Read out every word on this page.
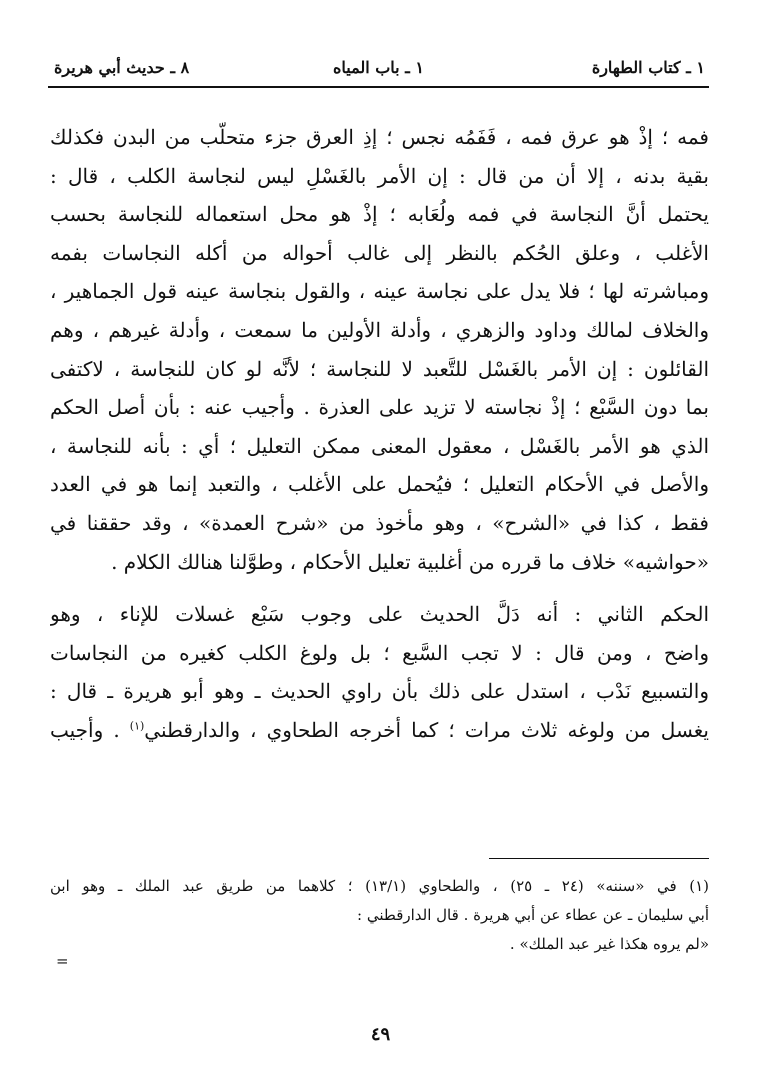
١ ـ كتاب الطهارة
١ ـ باب المياه
٨ ـ حديث أبي هريرة
فمه ؛ إذْ هو عرق فمه ، فَفَمُه نجس ؛ إذِ العرق جزء متحلّب من البدن فكذلك
بقية بدنه ، إلا أن من قال : إن الأمر بالغَسْلِ ليس لنجاسة الكلب ، قال :
يحتمل أنَّ النجاسة في فمه ولُعَابه ؛ إذْ هو محل استعماله للنجاسة بحسب
الأغلب ، وعلق الحُكم بالنظر إلى غالب أحواله من أكله النجاسات بفمه
ومباشرته لها ؛ فلا يدل على نجاسة عينه ، والقول بنجاسة عينه قول الجماهير ،
والخلاف لمالك وداود والزهري ، وأدلة الأولين ما سمعت ، وأدلة غيرهم ، وهم
القائلون : إن الأمر بالغَسْل للتَّعبد لا للنجاسة ؛ لأنَّه لو كان للنجاسة ، لاكتفى
بما دون السَّبْع ؛ إذْ نجاسته لا تزيد على العذرة . وأجيب عنه : بأن أصل الحكم
الذي هو الأمر بالغَسْل ، معقول المعنى ممكن التعليل ؛ أي : بأنه للنجاسة ،
والأصل في الأحكام التعليل ؛ فيُحمل على الأغلب ، والتعبد إنما هو في العدد
فقط ، كذا في «الشرح» ، وهو مأخوذ من «شرح العمدة» ، وقد حققنا في
«حواشيه» خلاف ما قرره من أغلبية تعليل الأحكام ، وطوَّلنا هنالك الكلام .
الحكم الثاني : أنه دَلَّ الحديث على وجوب سَبْع غسلات للإناء ، وهو
واضح ، ومن قال : لا تجب السَّبع ؛ بل ولوغ الكلب كغيره من النجاسات
والتسبيع نَدْب ، استدل على ذلك بأن راوي الحديث ـ وهو أبو هريرة ـ قال :
يغسل من ولوغه ثلاث مرات ؛ كما أخرجه الطحاوي ، والدارقطني$^{(١)}$ . وأجيب
(١) في «سننه» (٢٤ ـ ٢٥) ، والطحاوي (١٣/١) ؛ كلاهما من طريق عبد الملك ـ وهو ابن
أبي سليمان ـ عن عطاء عن أبي هريرة . قال الدارقطني :
«لم يروه هكذا غير عبد الملك» .
=
٤٩
